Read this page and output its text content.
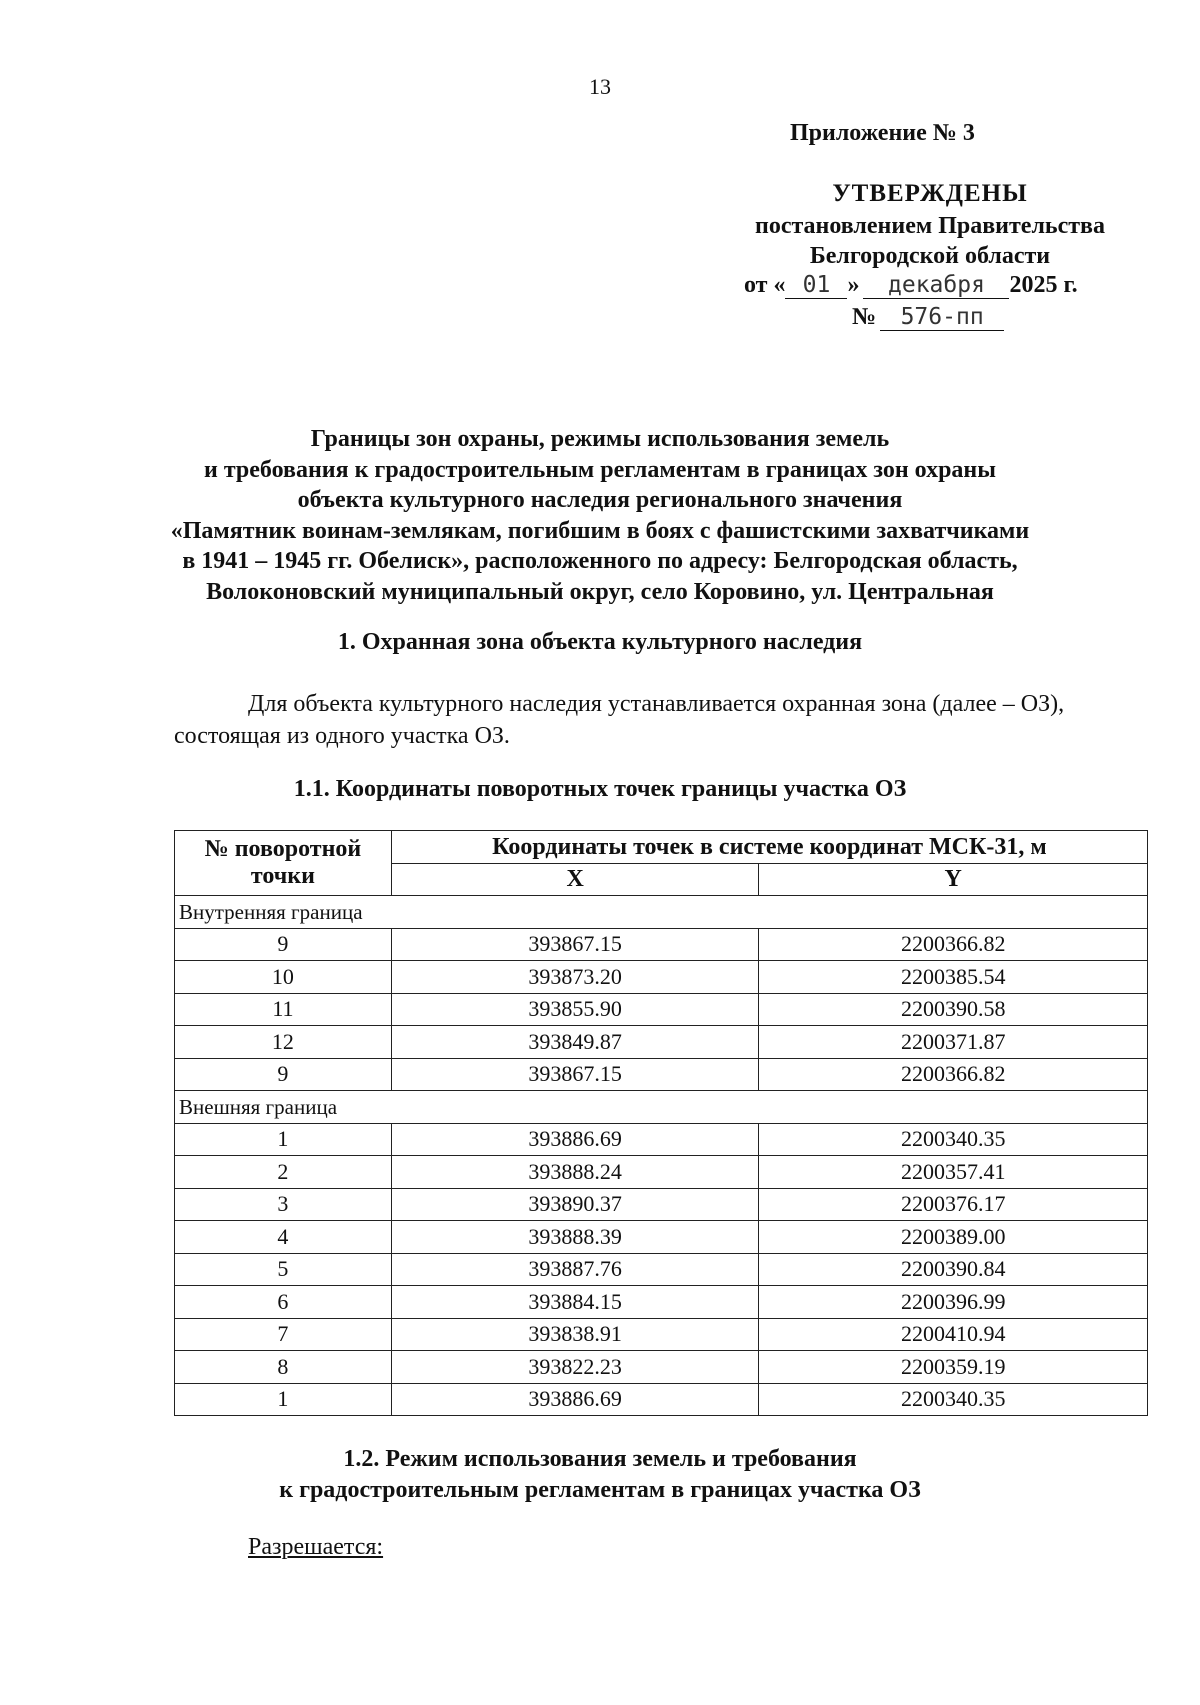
13
Приложение № 3
УТВЕРЖДЕНЫ
постановлением Правительства
Белгородской области
от « 01 » декабря 2025 г.
№ 576-пп
Границы зон охраны, режимы использования земель
и требования к градостроительным регламентам в границах зон охраны
объекта культурного наследия регионального значения
«Памятник воинам-землякам, погибшим в боях с фашистскими захватчиками
в 1941 – 1945 гг. Обелиск», расположенного по адресу: Белгородская область,
Волоконовский муниципальный округ, село Коровино, ул. Центральная
1. Охранная зона объекта культурного наследия
Для объекта культурного наследия устанавливается охранная зона (далее – ОЗ),
состоящая из одного участка ОЗ.
1.1. Координаты поворотных точек границы участка ОЗ
№ поворотной точки	Координаты точек в системе координат МСК-31, м	
	X	Y
Внутренняя граница		
9	393867.15	2200366.82
10	393873.20	2200385.54
11	393855.90	2200390.58
12	393849.87	2200371.87
9	393867.15	2200366.82
Внешняя граница		
1	393886.69	2200340.35
2	393888.24	2200357.41
3	393890.37	2200376.17
4	393888.39	2200389.00
5	393887.76	2200390.84
6	393884.15	2200396.99
7	393838.91	2200410.94
8	393822.23	2200359.19
1	393886.69	2200340.35
1.2. Режим использования земель и требования
к градостроительным регламентам в границах участка ОЗ
Разрешается:
